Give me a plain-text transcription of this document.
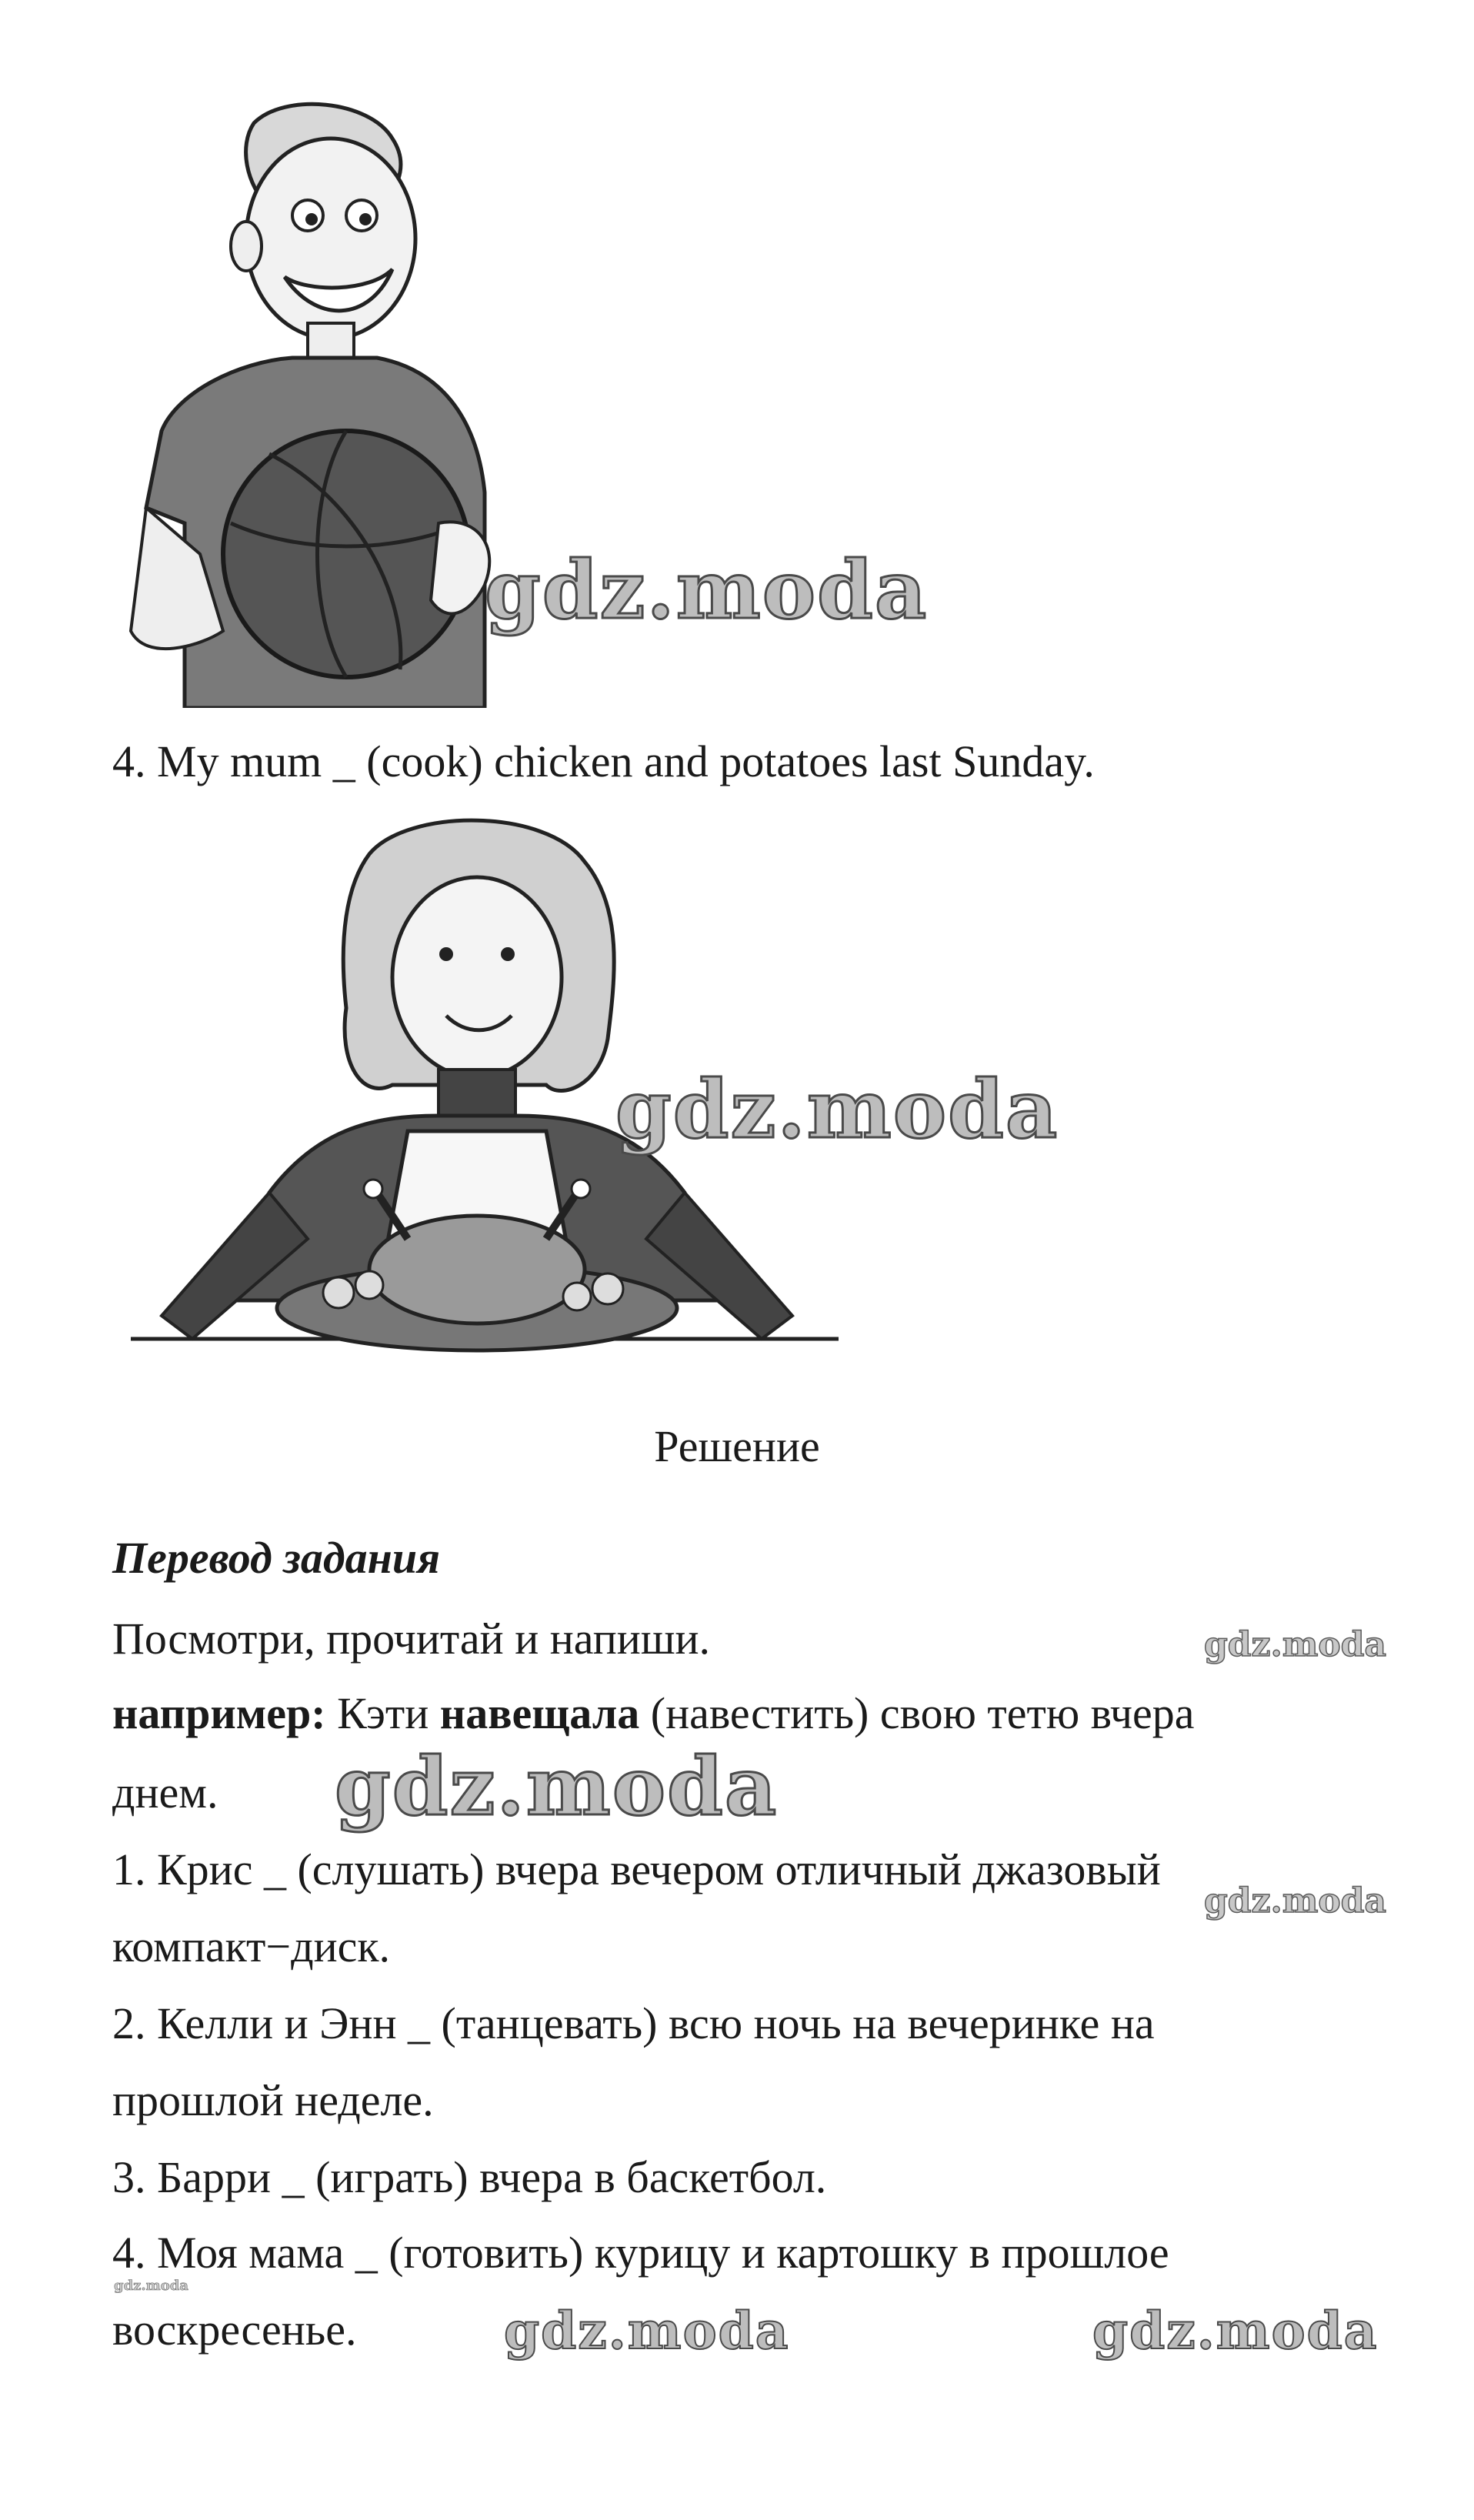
gdz.moda
4. My mum _ (cook) chicken and potatoes last Sunday.
gdz.moda
Решение
Перевод задания
Посмотри, прочитай и напиши.	gdz.moda
например: Кэти навещала (навестить) свою тетю вчера
днем. gdz.moda
1. Крис _ (слушать) вчера вечером отличный джазовый
gdz.moda
компакт−диск.
2. Келли и Энн _ (танцевать) всю ночь на вечеринке на
прошлой неделе.
3. Барри _ (играть) вчера в баскетбол.
4. Моя мама _ (готовить) курицу и картошку в прошлое
gdz.moda
воскресенье.	gdz.moda	gdz.moda
